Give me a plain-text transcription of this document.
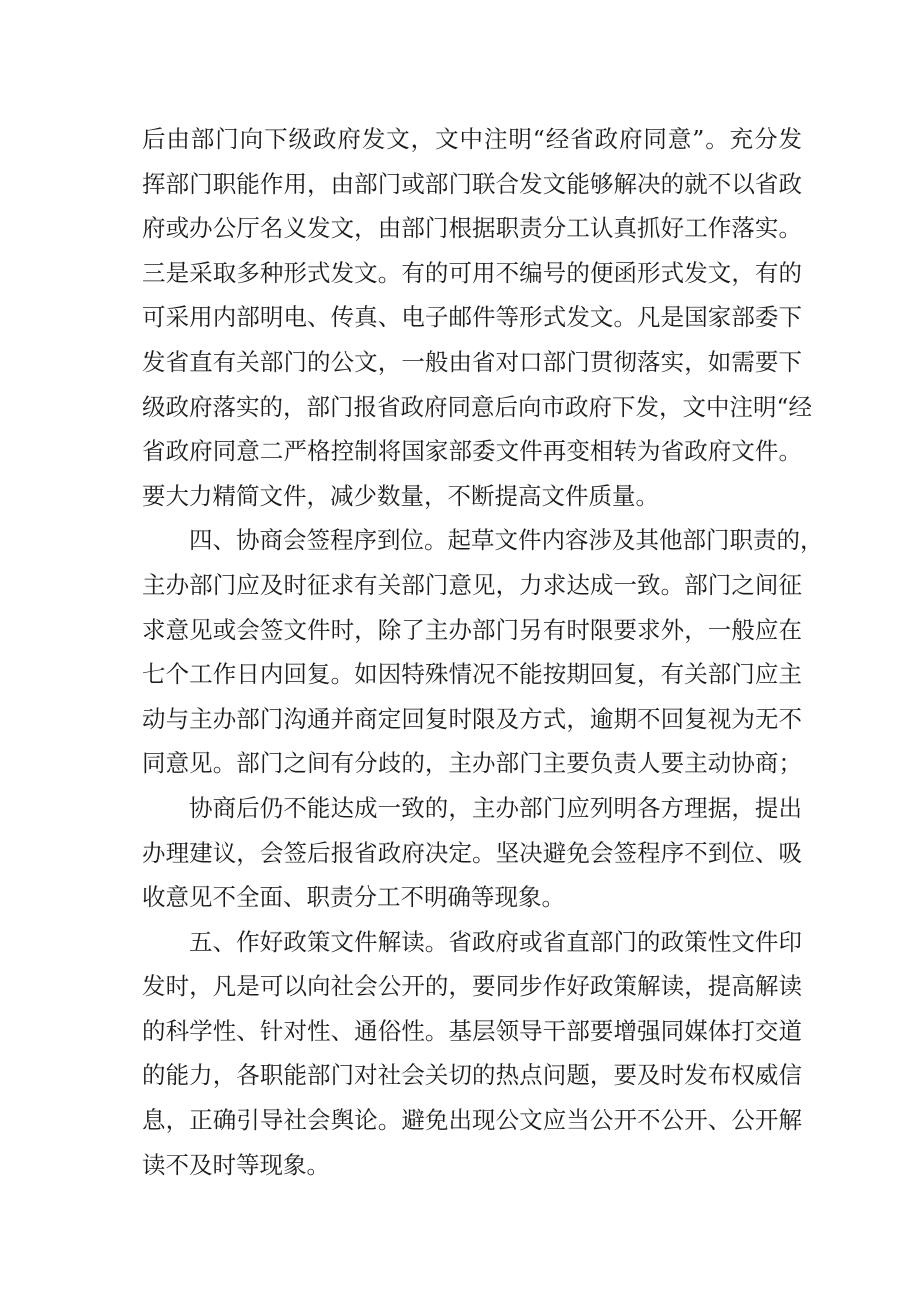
后由部门向下级政府发文，文中注明“经省政府同意”。充分发
挥部门职能作用，由部门或部门联合发文能够解决的就不以省政
府或办公厅名义发文，由部门根据职责分工认真抓好工作落实。
三是采取多种形式发文。有的可用不编号的便函形式发文，有的
可采用内部明电、传真、电子邮件等形式发文。凡是国家部委下
发省直有关部门的公文，一般由省对口部门贯彻落实，如需要下
级政府落实的，部门报省政府同意后向市政府下发，文中注明“经
省政府同意二严格控制将国家部委文件再变相转为省政府文件。
要大力精简文件，减少数量，不断提高文件质量。
四、协商会签程序到位。起草文件内容涉及其他部门职责的，
主办部门应及时征求有关部门意见，力求达成一致。部门之间征
求意见或会签文件时，除了主办部门另有时限要求外，一般应在
七个工作日内回复。如因特殊情况不能按期回复，有关部门应主
动与主办部门沟通并商定回复时限及方式，逾期不回复视为无不
同意见。部门之间有分歧的，主办部门主要负责人要主动协商；
协商后仍不能达成一致的，主办部门应列明各方理据，提出
办理建议，会签后报省政府决定。坚决避免会签程序不到位、吸
收意见不全面、职责分工不明确等现象。
五、作好政策文件解读。省政府或省直部门的政策性文件印
发时，凡是可以向社会公开的，要同步作好政策解读，提高解读
的科学性、针对性、通俗性。基层领导干部要增强同媒体打交道
的能力，各职能部门对社会关切的热点问题，要及时发布权威信
息，正确引导社会舆论。避免出现公文应当公开不公开、公开解
读不及时等现象。
